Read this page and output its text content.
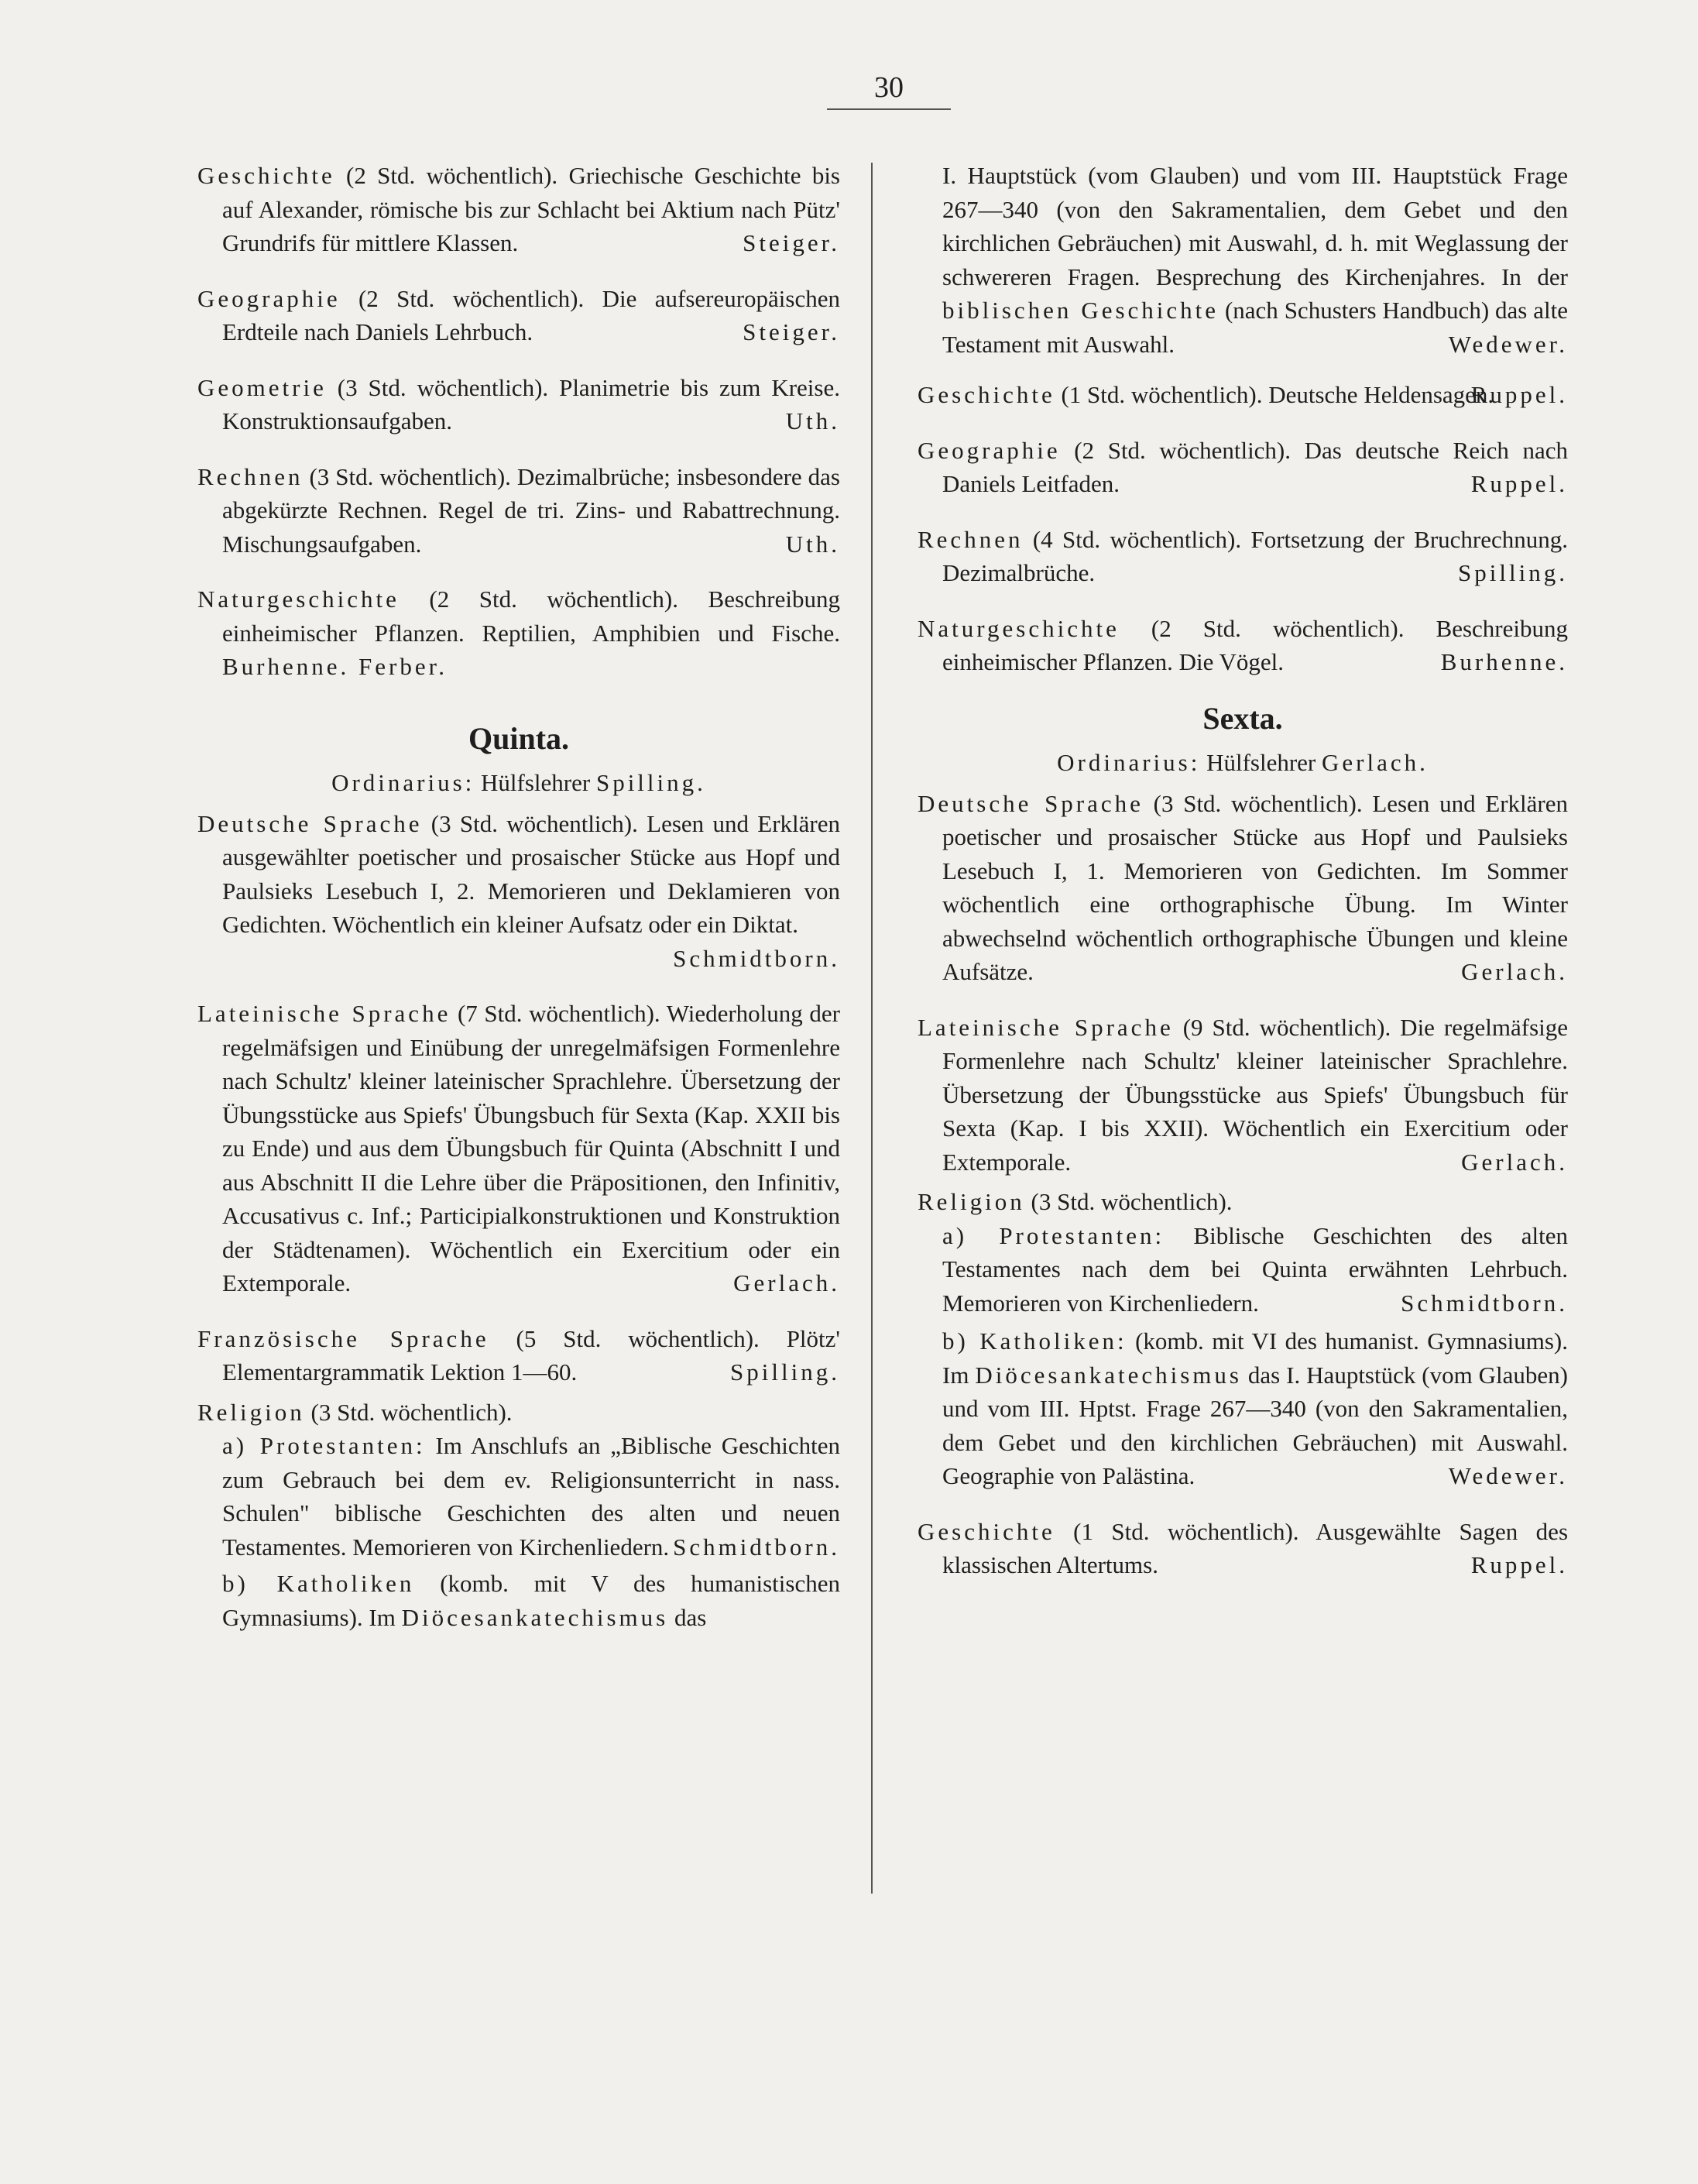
30

Geschichte (2 Std. wöchentlich). Griechische Geschichte bis auf Alexander, römische bis zur Schlacht bei Aktium nach Pütz' Grundrifs für mittlere Klassen.	Steiger.

Geographie (2 Std. wöchentlich). Die aufsereuropäischen Erdteile nach Daniels Lehrbuch.	Steiger.

Geometrie (3 Std. wöchentlich). Planimetrie bis zum Kreise. Konstruktionsaufgaben.	Uth.

Rechnen (3 Std. wöchentlich). Dezimalbrüche; insbesondere das abgekürzte Rechnen. Regel de tri. Zins- und Rabattrechnung. Mischungsaufgaben.	Uth.

Naturgeschichte (2 Std. wöchentlich). Beschreibung einheimischer Pflanzen. Reptilien, Amphibien und Fische. Burhenne. Ferber.

Quinta.
Ordinarius: Hülfslehrer Spilling.

Deutsche Sprache (3 Std. wöchentlich). Lesen und Erklären ausgewählter poetischer und prosaischer Stücke aus Hopf und Paulsieks Lesebuch I, 2. Memorieren und Deklamieren von Gedichten. Wöchentlich ein kleiner Aufsatz oder ein Diktat.
Schmidtborn.

Lateinische Sprache (7 Std. wöchentlich). Wiederholung der regelmäfsigen und Einübung der unregelmäfsigen Formenlehre nach Schultz' kleiner lateinischer Sprachlehre. Übersetzung der Übungsstücke aus Spiefs' Übungsbuch für Sexta (Kap. XXII bis zu Ende) und aus dem Übungsbuch für Quinta (Abschnitt I und aus Abschnitt II die Lehre über die Präpositionen, den Infinitiv, Accusativus c. Inf.; Participialkonstruktionen und Konstruktion der Städtenamen). Wöchentlich ein Exercitium oder ein Extemporale.	Gerlach.

Französische Sprache (5 Std. wöchentlich). Plötz' Elementargrammatik Lektion 1—60.	Spilling.

Religion (3 Std. wöchentlich).

a) Protestanten: Im Anschlufs an „Biblische Geschichten zum Gebrauch bei dem ev. Religionsunterricht in nass. Schulen" biblische Geschichten des alten und neuen Testamentes. Memorieren von Kirchenliedern. Schmidtborn.

b) Katholiken (komb. mit V des humanistischen Gymnasiums). Im Diöcesankatechismus das

I. Hauptstück (vom Glauben) und vom III. Hauptstück Frage 267—340 (von den Sakramentalien, dem Gebet und den kirchlichen Gebräuchen) mit Auswahl, d. h. mit Weglassung der schwereren Fragen. Besprechung des Kirchenjahres. In der biblischen Geschichte (nach Schusters Handbuch) das alte Testament mit Auswahl.	Wedewer.

Geschichte (1 Std. wöchentlich). Deutsche Heldensagen.
Ruppel.

Geographie (2 Std. wöchentlich). Das deutsche Reich nach Daniels Leitfaden.	Ruppel.

Rechnen (4 Std. wöchentlich). Fortsetzung der Bruchrechnung. Dezimalbrüche.	Spilling.

Naturgeschichte (2 Std. wöchentlich). Beschreibung einheimischer Pflanzen. Die Vögel.	Burhenne.

Sexta.
Ordinarius: Hülfslehrer Gerlach.

Deutsche Sprache (3 Std. wöchentlich). Lesen und Erklären poetischer und prosaischer Stücke aus Hopf und Paulsieks Lesebuch I, 1. Memorieren von Gedichten. Im Sommer wöchentlich eine orthographische Übung. Im Winter abwechselnd wöchentlich orthographische Übungen und kleine Aufsätze.	Gerlach.

Lateinische Sprache (9 Std. wöchentlich). Die regelmäfsige Formenlehre nach Schultz' kleiner lateinischer Sprachlehre. Übersetzung der Übungsstücke aus Spiefs' Übungsbuch für Sexta (Kap. I bis XXII). Wöchentlich ein Exercitium oder Extemporale.	Gerlach.

Religion (3 Std. wöchentlich).

a) Protestanten: Biblische Geschichten des alten Testamentes nach dem bei Quinta erwähnten Lehrbuch. Memorieren von Kirchenliedern.	Schmidtborn.

b) Katholiken: (komb. mit VI des humanist. Gymnasiums). Im Diöcesankatechismus das I. Hauptstück (vom Glauben) und vom III. Hptst. Frage 267—340 (von den Sakramentalien, dem Gebet und den kirchlichen Gebräuchen) mit Auswahl. Geographie von Palästina.	Wedewer.

Geschichte (1 Std. wöchentlich). Ausgewählte Sagen des klassischen Altertums.	Ruppel.
